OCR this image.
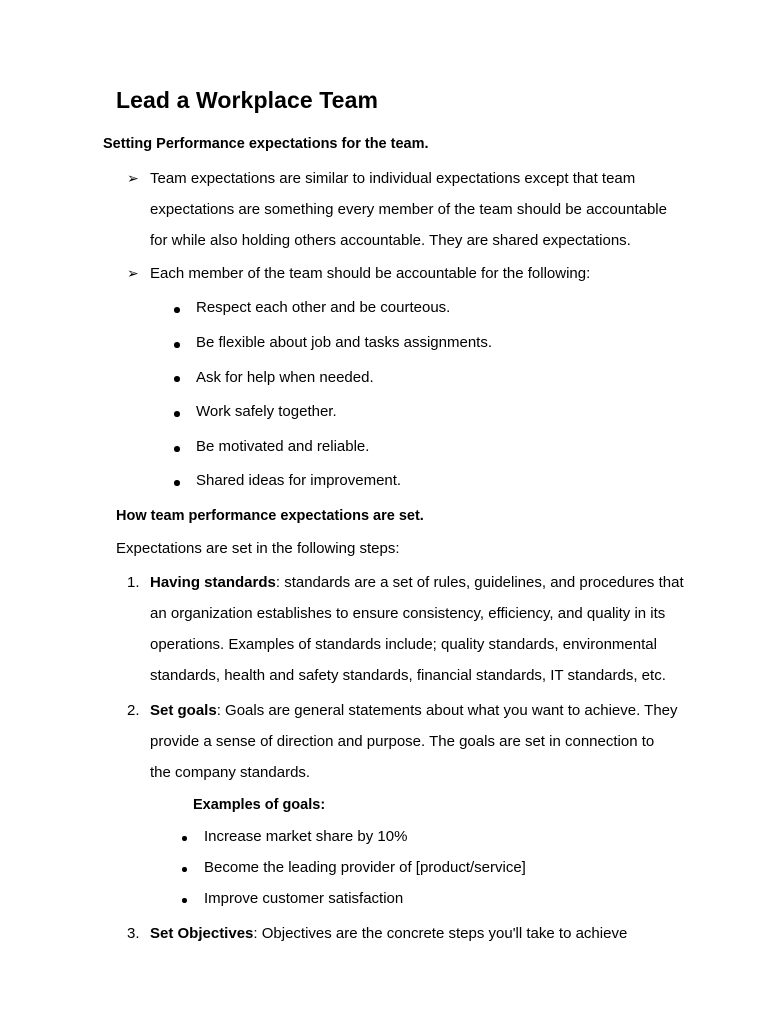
Lead a Workplace Team
Setting Performance expectations for the team.
➢ Team expectations are similar to individual expectations except that team
expectations are something every member of the team should be accountable
for while also holding others accountable. They are shared expectations.
➢ Each member of the team should be accountable for the following:
Respect each other and be courteous.
Be flexible about job and tasks assignments.
Ask for help when needed.
Work safely together.
Be motivated and reliable.
Shared ideas for improvement.
How team performance expectations are set.
Expectations are set in the following steps:
1. Having standards: standards are a set of rules, guidelines, and procedures that
an organization establishes to ensure consistency, efficiency, and quality in its
operations. Examples of standards include; quality standards, environmental
standards, health and safety standards, financial standards, IT standards, etc.
2. Set goals: Goals are general statements about what you want to achieve. They
provide a sense of direction and purpose. The goals are set in connection to
the company standards.
Examples of goals:
Increase market share by 10%
Become the leading provider of [product/service]
Improve customer satisfaction
3. Set Objectives: Objectives are the concrete steps you'll take to achieve
